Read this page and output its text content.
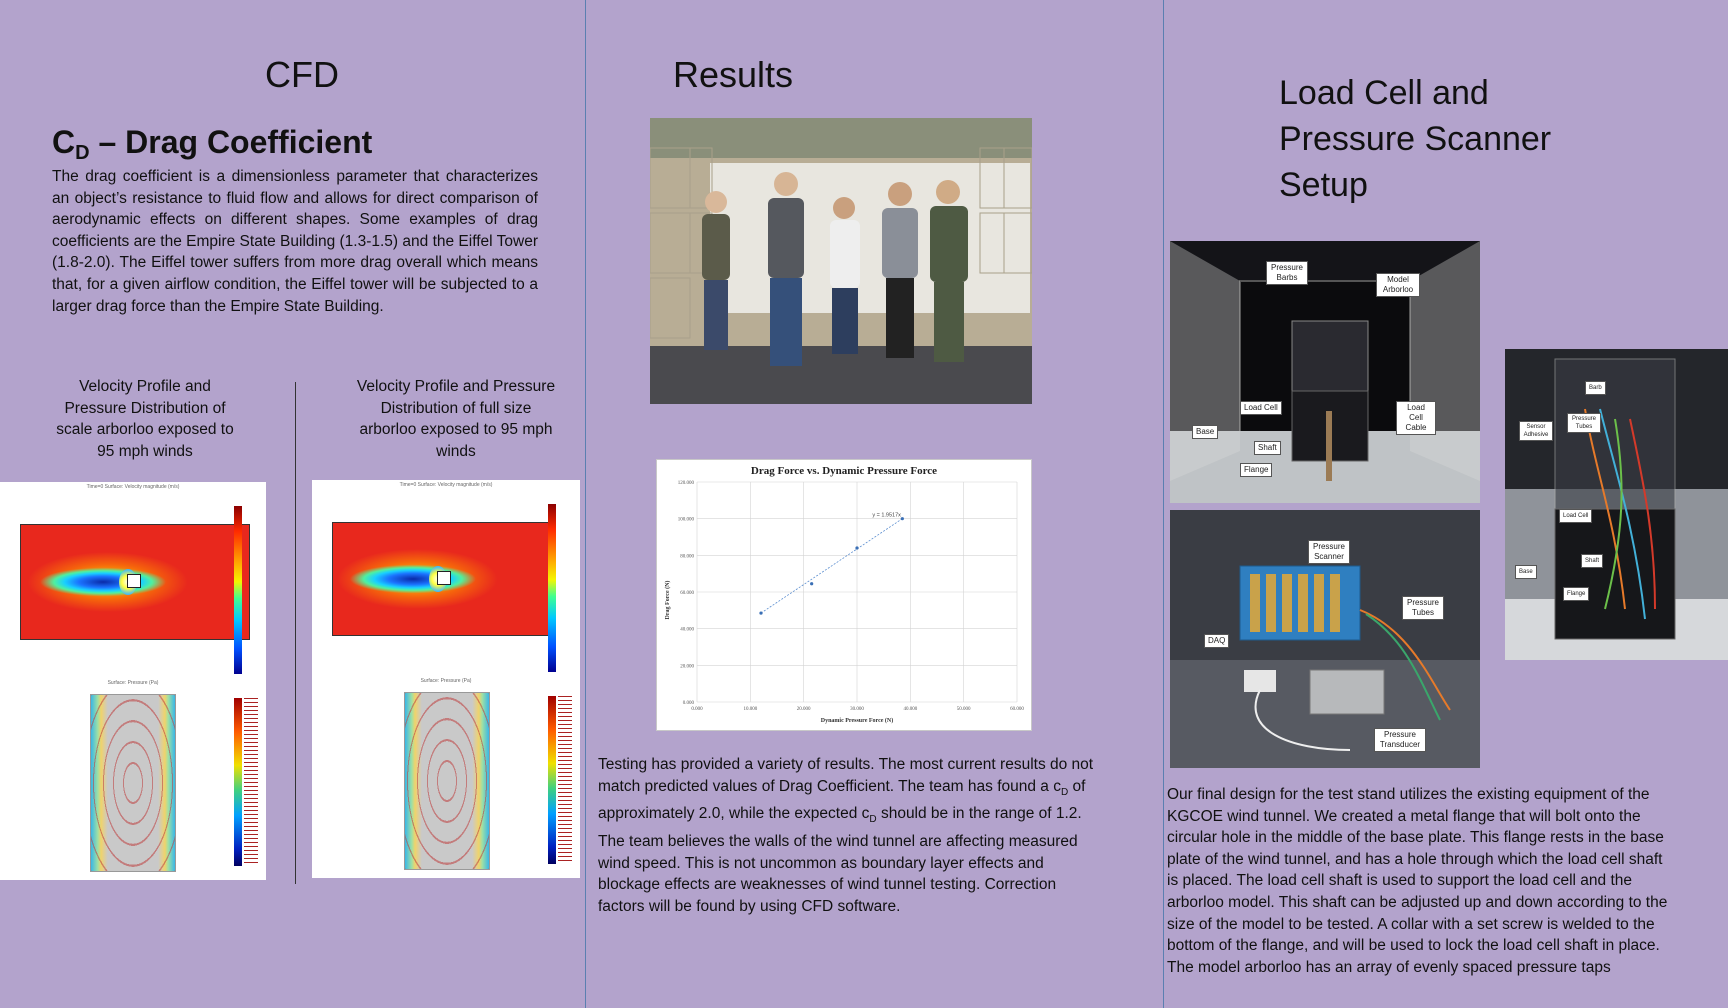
CFD
$C_D$ – Drag Coefficient
The drag coefficient is a dimensionless parameter that characterizes an object’s resistance to fluid flow and allows for direct comparison of aerodynamic effects on different shapes. Some examples of drag coefficients are the Empire State Building (1.3-1.5) and the Eiffel Tower (1.8-2.0). The Eiffel tower suffers from more drag overall which means that, for a given airflow condition, the Eiffel tower will be subjected to a larger drag force than the Empire State Building.
Velocity Profile and Pressure Distribution of scale arborloo exposed to 95 mph winds
Velocity Profile and Pressure Distribution of full size arborloo exposed to 95 mph winds
Time=0 Surface: Velocity magnitude (m/s)
Surface: Pressure (Pa)
Time=0 Surface: Velocity magnitude (m/s)
Surface: Pressure (Pa)
Results
Drag Force vs. Dynamic Pressure Force
0.000
20.000
40.000
60.000
80.000
100.000
120.000
0.000	10.000	20.000	30.000	40.000	50.000	60.000
y = 1.9517x
Dynamic Pressure Force (N)
Drag Force (N)
Testing has provided a variety of results. The most current results do not match predicted values of Drag Coefficient. The team has found a $c_D$ of approximately 2.0, while the expected $c_D$ should be in the range of 1.2. The team believes the walls of the wind tunnel are affecting measured wind speed. This is not uncommon as boundary layer effects and blockage effects are weaknesses of wind tunnel testing. Correction factors will be found by using CFD software.
Load Cell and
Pressure Scanner
Setup
Pressure Barbs	Model Arborloo
Load Cell	Load Cell Cable
Base
Shaft
Flange
Pressure Scanner
Pressure Tubes
DAQ
Pressure Transducer
Barb
Sensor Adhesive
Pressure Tubes
Load Cell
Shaft
Base
Flange
Our final design for the test stand utilizes the existing equipment of the KGCOE wind tunnel. We created a metal flange that will bolt onto the circular hole in the middle of the base plate. This flange rests in the base plate of the wind tunnel, and has a hole through which the load cell shaft is placed. The load cell shaft is used to support the load cell and the arborloo model. This shaft can be adjusted up and down according to the size of the model to be tested. A collar with a set screw is welded to the bottom of the flange, and will be used to lock the load cell shaft in place.
The model arborloo has an array of evenly spaced pressure taps
